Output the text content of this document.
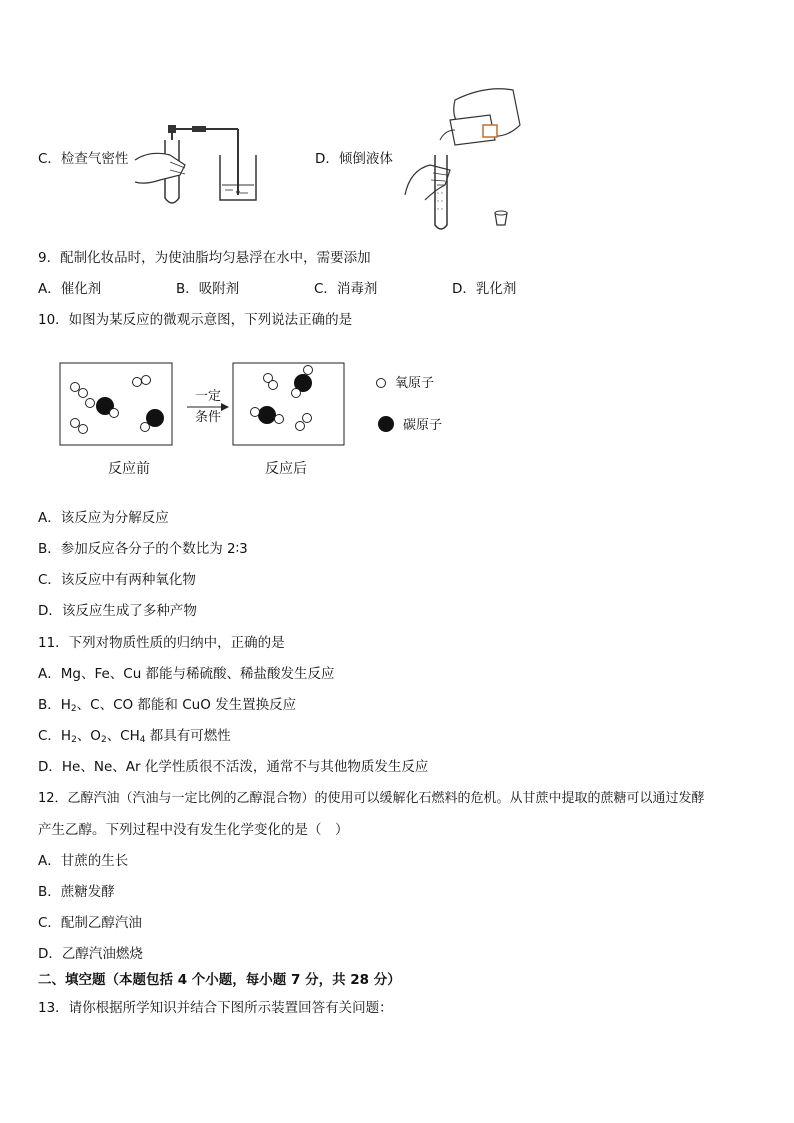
C．检查气密性	D．倾倒液体
9．配制化妆品时，为使油脂均匀悬浮在水中，需要添加
A．催化剂	B．吸附剂	C．消毒剂	D．乳化剂
10．如图为某反应的微观示意图，下列说法正确的是
一定
条件
反应前	反应后
氧原子
碳原子
A．该反应为分解反应
B．参加反应各分子的个数比为 2∶3
C．该反应中有两种氧化物
D．该反应生成了多种产物
11．下列对物质性质的归纳中，正确的是
A．Mg、Fe、Cu 都能与稀硫酸、稀盐酸发生反应
B．$H_2$、C、CO 都能和 CuO 发生置换反应
C．$H_2$、$O_2$、$CH_4$ 都具有可燃性
D．He、Ne、Ar 化学性质很不活泼，通常不与其他物质发生反应
12．乙醇汽油（汽油与一定比例的乙醇混合物）的使用可以缓解化石燃料的危机。从甘蔗中提取的蔗糖可以通过发酵
产生乙醇。下列过程中没有发生化学变化的是（　）
A．甘蔗的生长
B．蔗糖发酵
C．配制乙醇汽油
D．乙醇汽油燃烧
二、填空题（本题包括 4 个小题，每小题 7 分，共 28 分）
13．请你根据所学知识并结合下图所示装置回答有关问题：
